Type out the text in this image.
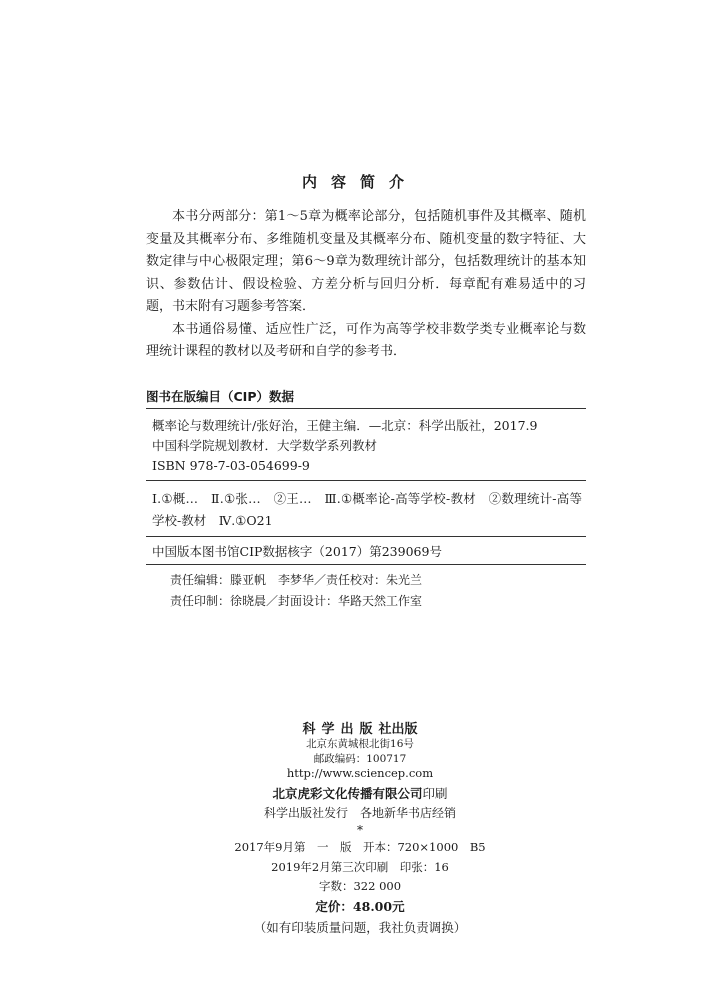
内容简介

本书分两部分：第1～5章为概率论部分，包括随机事件及其概率、随机变量及其概率分布、多维随机变量及其概率分布、随机变量的数字特征、大数定律与中心极限定理；第6～9章为数理统计部分，包括数理统计的基本知识、参数估计、假设检验、方差分析与回归分析．每章配有难易适中的习题，书末附有习题参考答案．

本书通俗易懂、适应性广泛，可作为高等学校非数学类专业概率论与数理统计课程的教材以及考研和自学的参考书．

图书在版编目（CIP）数据
概率论与数理统计/张好治，王健主编．—北京：科学出版社，2017.9
中国科学院规划教材．大学数学系列教材
ISBN 978-7-03-054699-9
Ⅰ.①概…　Ⅱ.①张…　②王…　Ⅲ.①概率论-高等学校-教材　②数理统计-高等学校-教材　Ⅳ.①O21
中国版本图书馆CIP数据核字（2017）第239069号
责任编辑：滕亚帆　李梦华／责任校对：朱光兰
责任印制：徐晓晨／封面设计：华路天然工作室
科学出版社出版
北京东黄城根北街16号
邮政编码：100717
http://www.sciencep.com
北京虎彩文化传播有限公司印刷
科学出版社发行　各地新华书店经销
*
2017年9月第　一　版　开本：720×1000　B5
2019年2月第三次印刷　印张：16
字数：322 000
定价：48.00元
（如有印装质量问题，我社负责调换）
